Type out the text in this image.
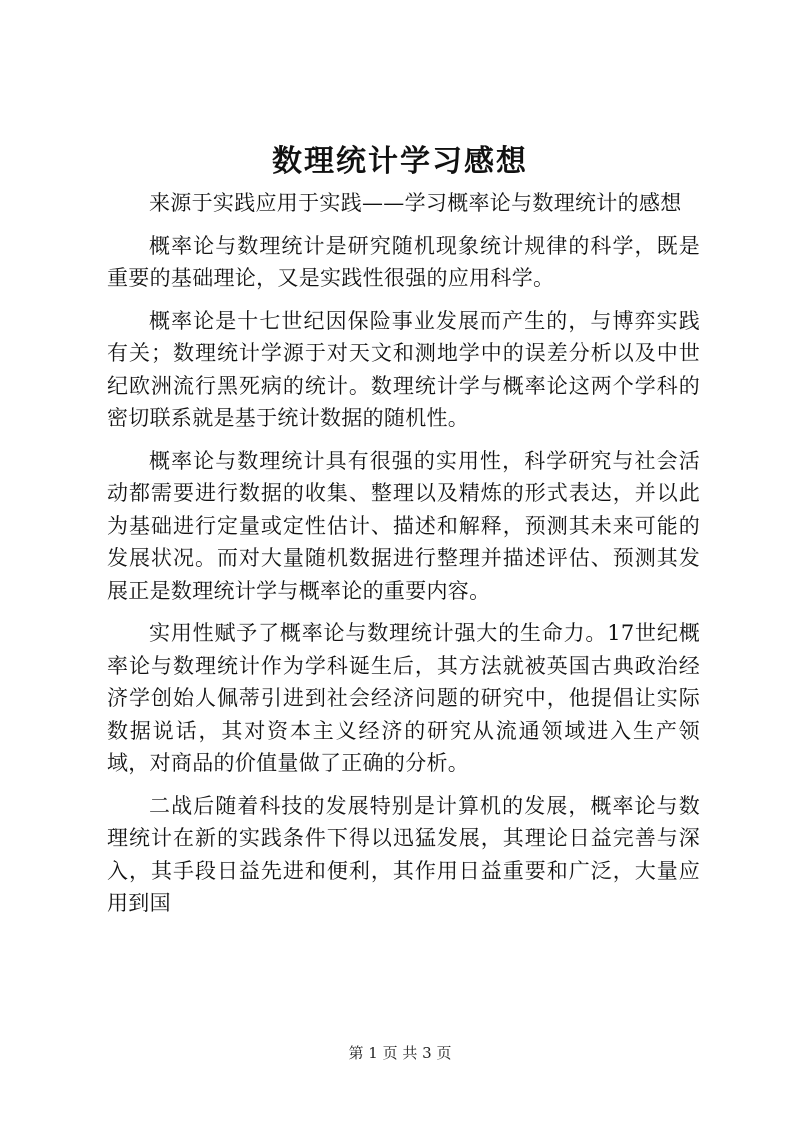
数理统计学习感想

来源于实践应用于实践——学习概率论与数理统计的感想

概率论与数理统计是研究随机现象统计规律的科学，既是重要的基础理论，又是实践性很强的应用科学。

概率论是十七世纪因保险事业发展而产生的，与博弈实践有关；数理统计学源于对天文和测地学中的误差分析以及中世纪欧洲流行黑死病的统计。数理统计学与概率论这两个学科的密切联系就是基于统计数据的随机性。

概率论与数理统计具有很强的实用性，科学研究与社会活动都需要进行数据的收集、整理以及精炼的形式表达，并以此为基础进行定量或定性估计、描述和解释，预测其未来可能的发展状况。而对大量随机数据进行整理并描述评估、预测其发展正是数理统计学与概率论的重要内容。

实用性赋予了概率论与数理统计强大的生命力。17世纪概率论与数理统计作为学科诞生后，其方法就被英国古典政治经济学创始人佩蒂引进到社会经济问题的研究中，他提倡让实际数据说话，其对资本主义经济的研究从流通领域进入生产领域，对商品的价值量做了正确的分析。

二战后随着科技的发展特别是计算机的发展，概率论与数理统计在新的实践条件下得以迅猛发展，其理论日益完善与深入，其手段日益先进和便利，其作用日益重要和广泛，大量应用到国

第 1 页 共 3 页
